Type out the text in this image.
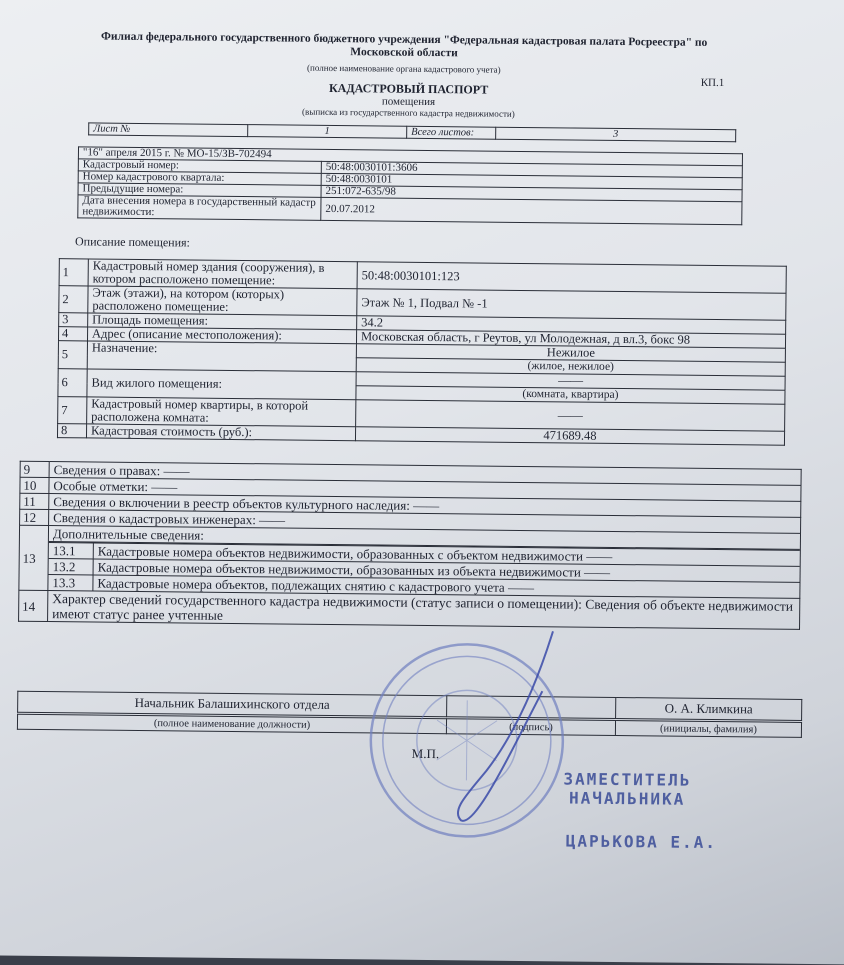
Филиал федерального государственного бюджетного учреждения "Федеральная кадастровая палата Росреестра" по Московской области
(полное наименование органа кадастрового учета)
КП.1
КАДАСТРОВЫЙ ПАСПОРТ
помещения
(выписка из государственного кадастра недвижимости)
Лист №	1	Всего листов:	3
"16" апреля 2015 г. № МО-15/ЗВ-702494	
Кадастровый номер:	50:48:0030101:3606
Номер кадастрового квартала:	50:48:0030101
Предыдущие номера:	251:072-635/98
Дата внесения номера в государственный кадастр недвижимости:	20.07.2012
Описание помещения:
1	Кадастровый номер здания (сооружения), в котором расположено помещение:	50:48:0030101:123
2	Этаж (этажи), на котором (которых) расположено помещение:	Этаж № 1, Подвал № -1
3	Площадь помещения:	34.2
4	Адрес (описание местоположения):	Московская область, г Реутов, ул Молодежная, д вл.3, бокс 98
5	Назначение:	Нежилое
		(жилое, нежилое)
6	Вид жилого помещения:	——
		(комната, квартира)
7	Кадастровый номер квартиры, в которой расположена комната:	——
8	Кадастровая стоимость (руб.):	471689.48
9	Сведения о правах: ——
10	Особые отметки: ——
11	Сведения о включении в реестр объектов культурного наследия: ——
12	Сведения о кадастровых инженерах: ——
13	
Дополнительные сведения:
13.1	Кадастровые номера объектов недвижимости, образованных с объектом недвижимости ——
13.2	Кадастровые номера объектов недвижимости, образованных из объекта недвижимости ——
13.3	Кадастровые номера объектов, подлежащих снятию с кадастрового учета ——

14	Характер сведений государственного кадастра недвижимости (статус записи о помещении): Сведения об объекте недвижимости имеют статус ранее учтенные
Начальник Балашихинского отдела		О. А. Климкина
(полное наименование должности)	(подпись)	(инициалы, фамилия)
М.П.
ЗАМЕСТИТЕЛЬ
НАЧАЛЬНИКА
ЦАРЬКОВА Е.А.
